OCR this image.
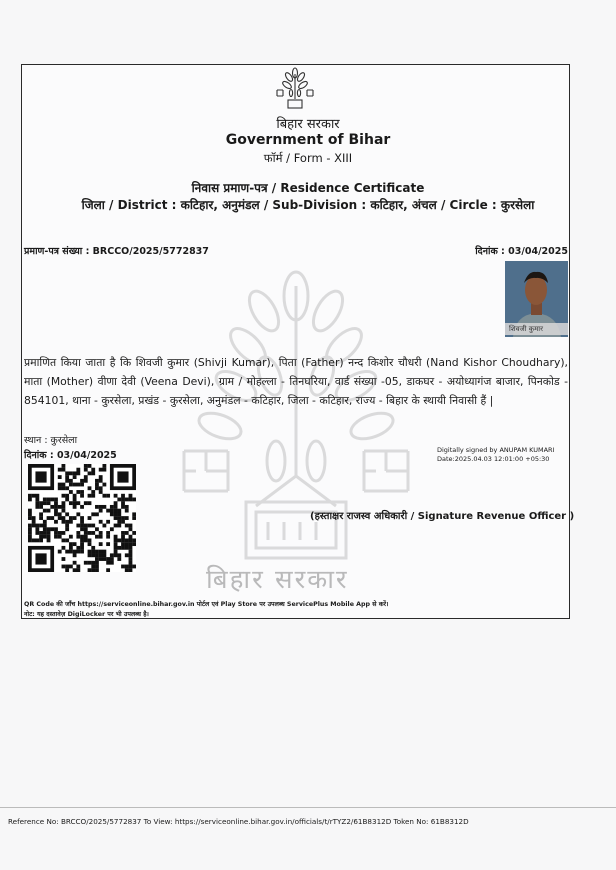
बिहार सरकार
Government of Bihar
फॉर्म / Form - XIII
निवास प्रमाण-पत्र / Residence Certificate
जिला / District : कटिहार, अनुमंडल / Sub-Division : कटिहार, अंचल / Circle : कुरसेला
प्रमाण-पत्र संख्या : BRCCO/2025/5772837	दिनांक : 03/04/2025
बिहार सरकार
शिवजी कुमार
प्रमाणित किया जाता है कि शिवजी कुमार (Shivji Kumar), पिता (Father) नन्द किशोर चौधरी (Nand Kishor Choudhary), माता (Mother) वीणा देवी (Veena Devi), ग्राम / मोहल्ला - तिनघरिया, वार्ड संख्या -05, डाकघर - अयोध्यागंज बाजार, पिनकोड - 854101, थाना - कुरसेला, प्रखंड - कुरसेला, अनुमंडल - कटिहार, जिला - कटिहार, राज्य - बिहार के स्थायी निवासी हैं |
स्थान : कुरसेला
दिनांक : 03/04/2025	Digitally signed by ANUPAM KUMARI
Date:2025.04.03 12:01:00 +05:30
(हस्ताक्षर राजस्व अधिकारी / Signature Revenue Officer )
QR Code की जाँच https://serviceonline.bihar.gov.in पोर्टल एवं Play Store पर उपलब्ध ServicePlus Mobile App से करें।
नोट: यह दस्तावेज़ DigiLocker पर भी उपलब्ध है।
Reference No: BRCCO/2025/5772837 To View: https://serviceonline.bihar.gov.in/officials/t/rTYZ2/61B8312D Token No: 61B8312D
